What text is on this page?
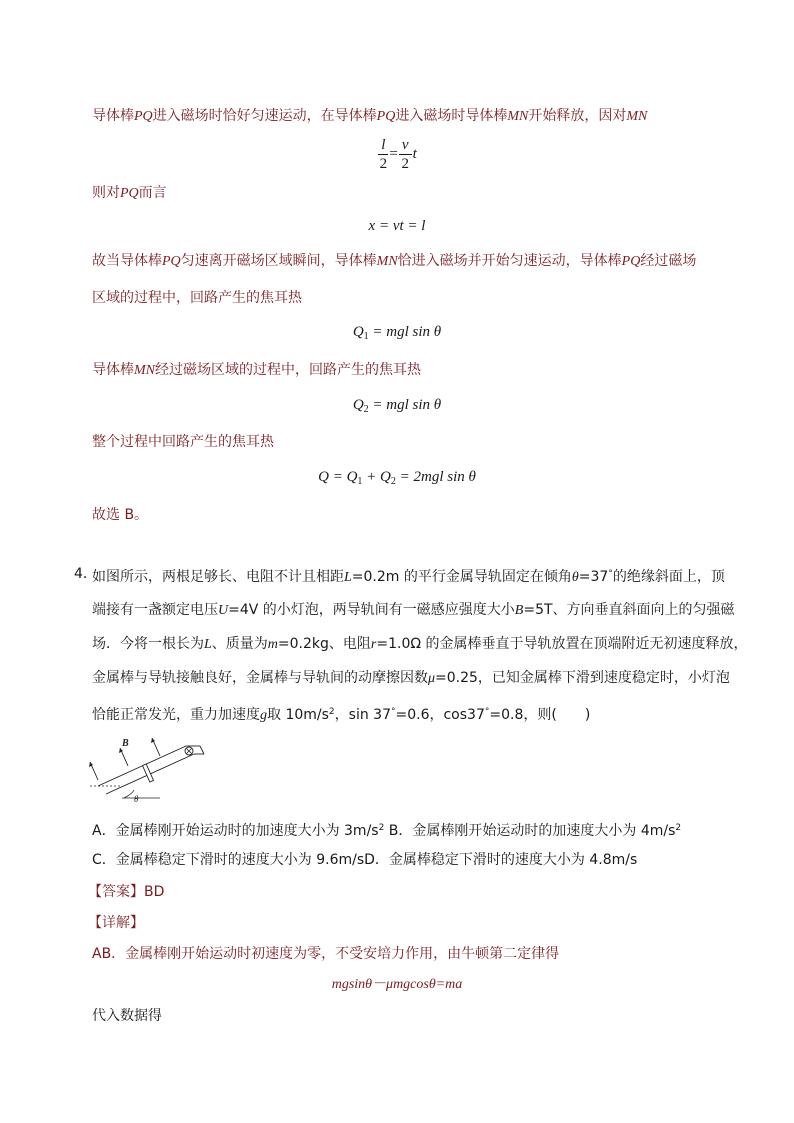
导体棒PQ进入磁场时恰好匀速运动，在导体棒PQ进入磁场时导体棒MN开始释放，因对MN
$\frac{l}{2} = \frac{v}{2}$ t
则对PQ而言
x = vt = l
故当导体棒PQ匀速离开磁场区域瞬间，导体棒MN恰进入磁场并开始匀速运动，导体棒PQ经过磁场
区域的过程中，回路产生的焦耳热
$Q_1$ = mgl sin θ
导体棒MN经过磁场区域的过程中，回路产生的焦耳热
$Q_2$ = mgl sin θ
整个过程中回路产生的焦耳热
$Q = Q_1 + Q_2 = 2mgl$ sin θ
故选 B。
4．
如图所示，两根足够长、电阻不计且相距L=0.2m 的平行金属导轨固定在倾角θ=37°的绝缘斜面上，顶
端接有一盏额定电压U=4V 的小灯泡，两导轨间有一磁感应强度大小B=5T、方向垂直斜面向上的匀强磁
场．今将一根长为L、质量为m=0.2kg、电阻r=1.0Ω 的金属棒垂直于导轨放置在顶端附近无初速度释放，
金属棒与导轨接触良好，金属棒与导轨间的动摩擦因数μ=0.25，已知金属棒下滑到速度稳定时，小灯泡
恰能正常发光，重力加速度g取 $10m/s^2$，sin 37°=0.6，cos37°=0.8，则(　　)
B
θ
A．金属棒刚开始运动时的加速度大小为 $3m/s^2$ B．金属棒刚开始运动时的加速度大小为 $4m/s^2$
C．金属棒稳定下滑时的速度大小为 9.6m/sD．金属棒稳定下滑时的速度大小为 4.8m/s
【答案】BD
【详解】
AB．金属棒刚开始运动时初速度为零，不受安培力作用，由牛顿第二定律得
mgsinθ－μmgcosθ=ma
代入数据得
